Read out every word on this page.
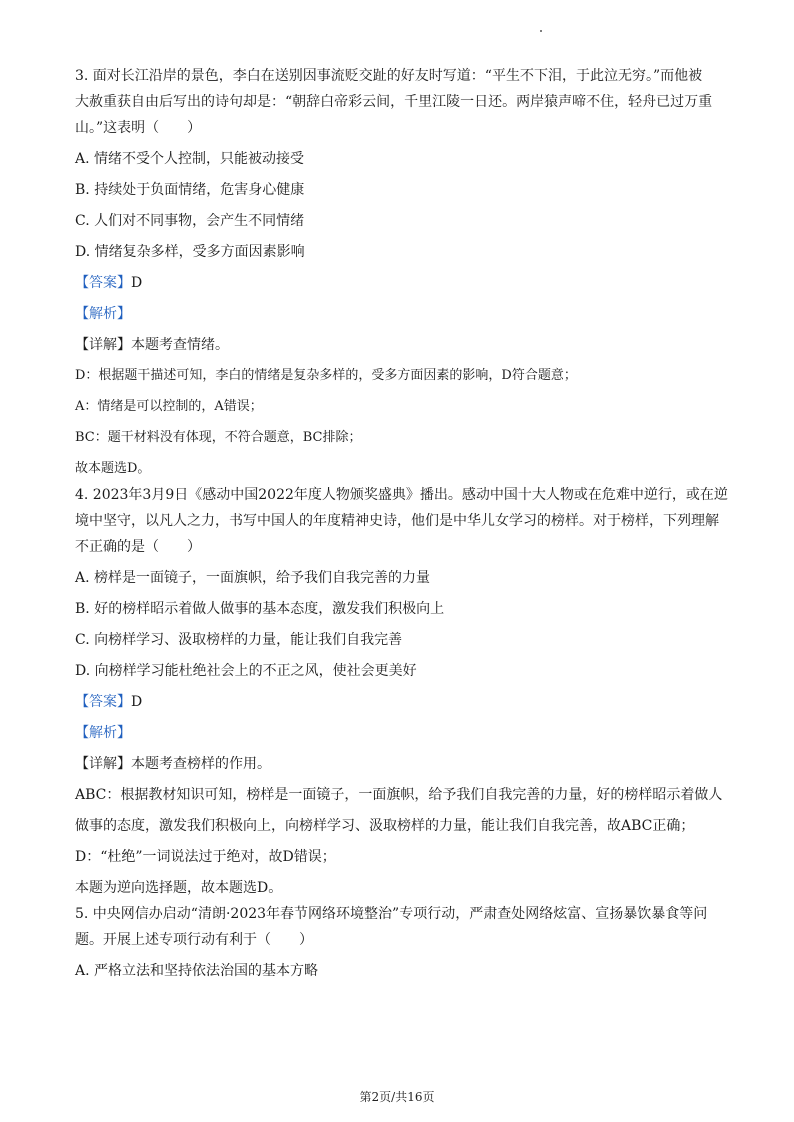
3. 面对长江沿岸的景色，李白在送别因事流贬交趾的好友时写道：“平生不下泪，于此泣无穷。”而他被
大赦重获自由后写出的诗句却是：“朝辞白帝彩云间，千里江陵一日还。两岸猿声啼不住，轻舟已过万重
山。”这表明（　　）
A. 情绪不受个人控制，只能被动接受
B. 持续处于负面情绪，危害身心健康
C. 人们对不同事物，会产生不同情绪
D. 情绪复杂多样，受多方面因素影响
【答案】D
【解析】
【详解】本题考查情绪。
D：根据题干描述可知，李白的情绪是复杂多样的，受多方面因素的影响，D符合题意；
A：情绪是可以控制的，A错误；
BC：题干材料没有体现，不符合题意，BC排除；
故本题选D。
4. 2023年3月9日《感动中国2022年度人物颁奖盛典》播出。感动中国十大人物或在危难中逆行，或在逆
境中坚守，以凡人之力，书写中国人的年度精神史诗，他们是中华儿女学习的榜样。对于榜样，下列理解
不正确的是（　　）
A. 榜样是一面镜子，一面旗帜，给予我们自我完善的力量
B. 好的榜样昭示着做人做事的基本态度，激发我们积极向上
C. 向榜样学习、汲取榜样的力量，能让我们自我完善
D. 向榜样学习能杜绝社会上的不正之风，使社会更美好
【答案】D
【解析】
【详解】本题考查榜样的作用。
ABC：根据教材知识可知，榜样是一面镜子，一面旗帜，给予我们自我完善的力量，好的榜样昭示着做人
做事的态度，激发我们积极向上，向榜样学习、汲取榜样的力量，能让我们自我完善，故ABC正确；
D：“杜绝”一词说法过于绝对，故D错误；
本题为逆向选择题，故本题选D。
5. 中央网信办启动“清朗·2023年春节网络环境整治”专项行动，严肃查处网络炫富、宣扬暴饮暴食等问
题。开展上述专项行动有利于（　　）
A. 严格立法和坚持依法治国的基本方略
第2页/共16页
